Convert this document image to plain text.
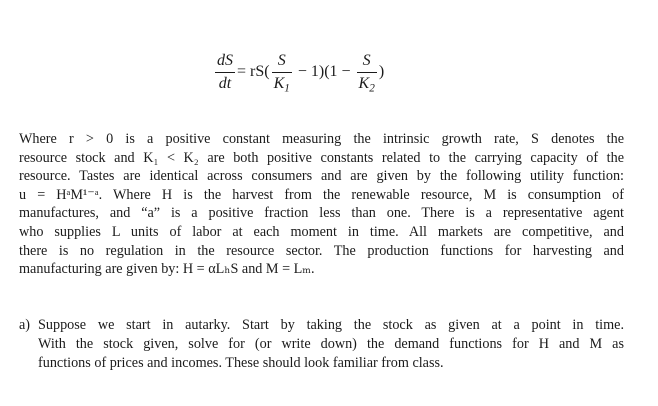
$\frac{dS}{dt} = rS( \frac{S}{K_1} - 1)(1 - \frac{S}{K_2}$ )
Where r > 0 is a positive constant measuring the intrinsic growth rate, S denotes the
resource stock and K₁ < K₂ are both positive constants related to the carrying capacity of the
resource. Tastes are identical across consumers and are given by the following utility function:
u = HᵃM¹⁻ᵃ. Where H is the harvest from the renewable resource, M is consumption of
manufactures, and “a” is a positive fraction less than one. There is a representative agent
who supplies L units of labor at each moment in time. All markets are competitive, and
there is no regulation in the resource sector. The production functions for harvesting and
manufacturing are given by: H = αLₕS and M = Lₘ.
a) Suppose we start in autarky. Start by taking the stock as given at a point in time.
With the stock given, solve for (or write down) the demand functions for H and M as
functions of prices and incomes. These should look familiar from class.
